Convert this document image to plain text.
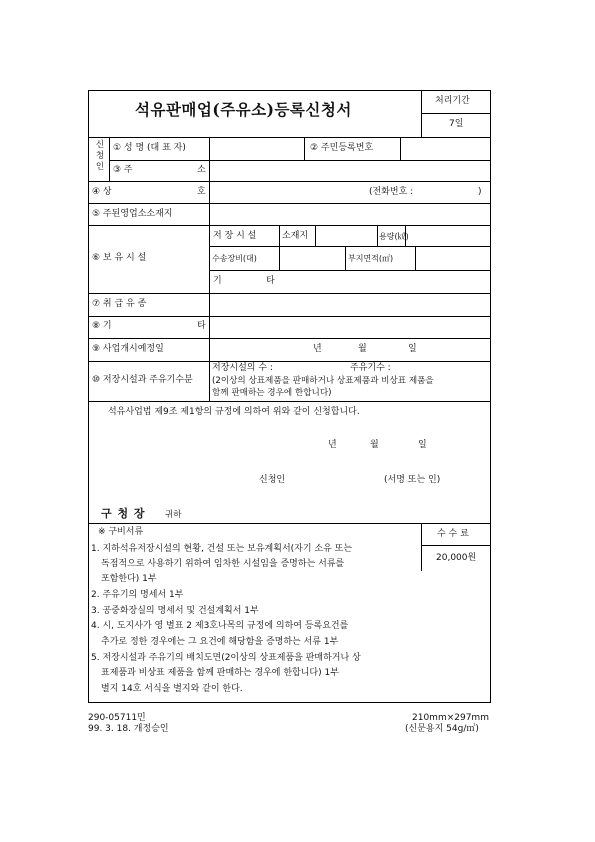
석유판매업(주유소)등록신청서	처리기간
7일
신청인
① 성 명 (대 표 자)	② 주민등록번호
③ 주	소
④ 상	호	(전화번호 :	)
⑤ 주된영업소소재지
⑥ 보 유 시 설
저 장 시 설	소재지	용량(㎘)
수송장비(대)	부지면적(㎡)
기	타
⑦ 취 급 유 종
⑧ 기	타
⑨ 사업개시예정일	년	월	일
⑩ 저장시설과 주유기수분
저장시설의 수 :	주유기수 :
(2이상의 상표제품을 판매하거나 상표제품과 비상표 제품을
함께 판매하는 경우에 한합니다)
석유사업법 제9조 제1항의 규정에 의하여 위와 같이 신청합니다.
년	월	일
신청인	(서명 또는 인)
구 청 장 귀하
※ 구비서류
1. 지하석유저장시설의 현황, 건설 또는 보유계획서(자기 소유 또는
독점적으로 사용하기 위하여 임차한 시설임을 증명하는 서류를
포함한다) 1부
2. 주유기의 명세서 1부
3. 공중화장실의 명세서 및 건설계획서 1부
4. 시, 도지사가 영 별표 2 제3호나목의 규정에 의하여 등록요건를
추가로 정한 경우에는 그 요건에 해당함을 증명하는 서류 1부
5. 저장시설과 주유기의 배치도면(2이상의 상표제품을 판매하거나 상
표제품과 비상표 제품을 함께 판매하는 경우에 한합니다) 1부
별지 14호 서식을 별지와 같이 한다.
수 수 료
20,000원
290-05711민
99. 3. 18. 개정승인
210mm×297mm
(신문용지 54g/㎡)
